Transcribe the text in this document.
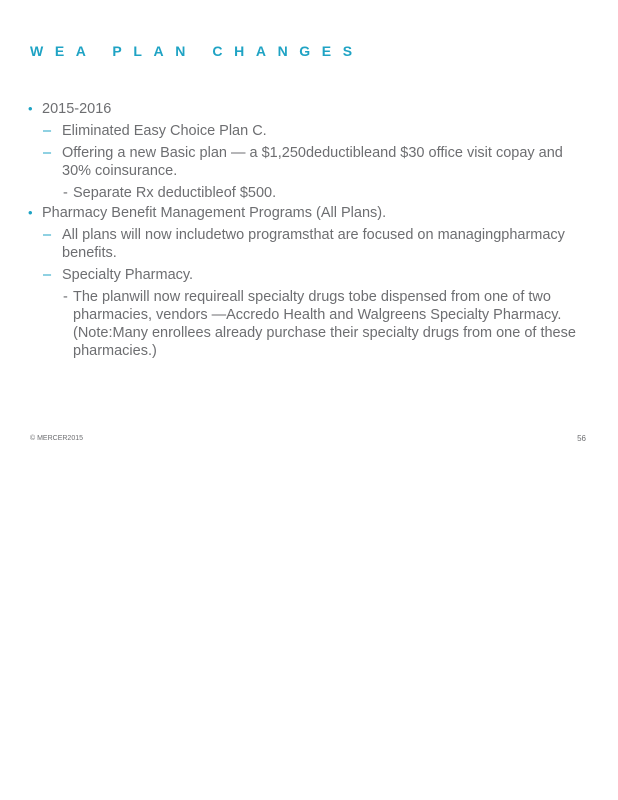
WEA PLAN CHANGES
• 2015-2016
– Eliminated Easy Choice Plan C.
– Offering a new Basic plan — a $1,250deductibleand $30 office visit copay and 30% coinsurance.
- Separate Rx deductibleof $500.
• Pharmacy Benefit Management Programs (All Plans).
– All plans will now includetwo programsthat are focused on managingpharmacy benefits.
– Specialty Pharmacy.
- The planwill now requireall specialty drugs tobe dispensed from one of two pharmacies, vendors —Accredo Health and Walgreens Specialty Pharmacy. (Note:Many enrollees already purchase their specialty drugs from one of these pharmacies.)
© MERCER2015	56
